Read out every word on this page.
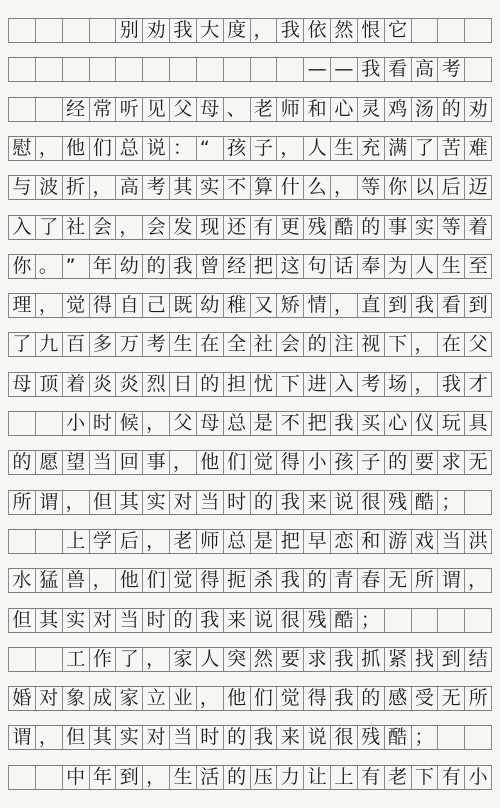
别 劝 我 大 度 ， 我 依 然 恨 它
— — 我 看 高 考
经 常 听 见 父 母 、 老 师 和 心 灵 鸡 汤 的 劝
慰 ， 他 们 总 说 ： “ 孩 子 ， 人 生 充 满 了 苦 难
与 波 折 ， 高 考 其 实 不 算 什 么 ， 等 你 以 后 迈
入 了 社 会 ， 会 发 现 还 有 更 残 酷 的 事 实 等 着
你 。 ” 年 幼 的 我 曾 经 把 这 句 话 奉 为 人 生 至
理 ， 觉 得 自 己 既 幼 稚 又 矫 情 ， 直 到 我 看 到
了 九 百 多 万 考 生 在 全 社 会 的 注 视 下 ， 在 父
母 顶 着 炎 炎 烈 日 的 担 忧 下 进 入 考 场 ， 我 才
小 时 候 ， 父 母 总 是 不 把 我 买 心 仪 玩 具
的 愿 望 当 回 事 ， 他 们 觉 得 小 孩 子 的 要 求 无
所 谓 ， 但 其 实 对 当 时 的 我 来 说 很 残 酷 ；
上 学 后 ， 老 师 总 是 把 早 恋 和 游 戏 当 洪
水 猛 兽 ， 他 们 觉 得 扼 杀 我 的 青 春 无 所 谓 ，
但 其 实 对 当 时 的 我 来 说 很 残 酷 ；
工 作 了 ， 家 人 突 然 要 求 我 抓 紧 找 到 结
婚 对 象 成 家 立 业 ， 他 们 觉 得 我 的 感 受 无 所
谓 ， 但 其 实 对 当 时 的 我 来 说 很 残 酷 ；
中 年 到 ， 生 活 的 压 力 让 上 有 老 下 有 小
